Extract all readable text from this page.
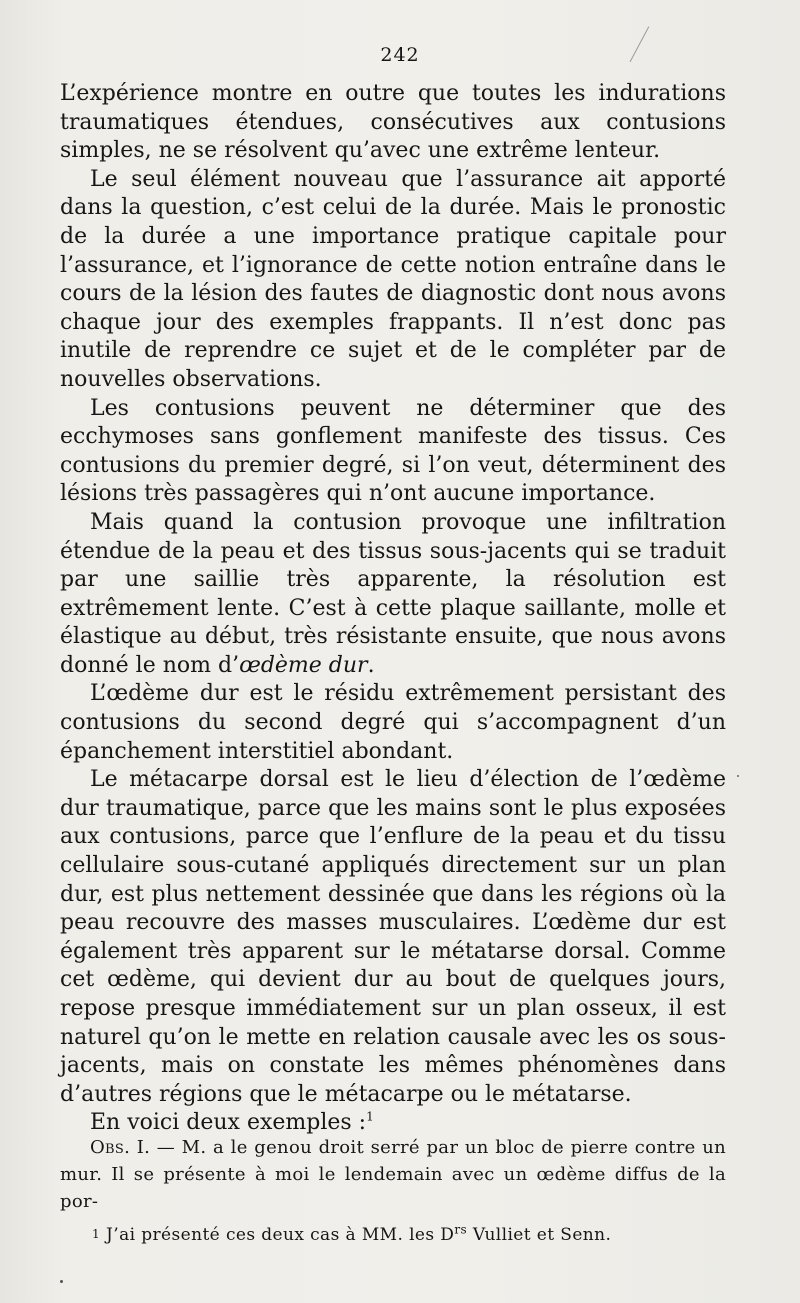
242

L’expérience montre en outre que toutes les indurations traumatiques étendues, consécutives aux contusions simples, ne se résolvent qu’avec une extrême lenteur.

Le seul élément nouveau que l’assurance ait apporté dans la question, c’est celui de la durée. Mais le pronostic de la durée a une importance pratique capitale pour l’assurance, et l’ignorance de cette notion entraîne dans le cours de la lésion des fautes de diagnostic dont nous avons chaque jour des exemples frappants. Il n’est donc pas inutile de reprendre ce sujet et de le compléter par de nouvelles observations.

Les contusions peuvent ne déterminer que des ecchymoses sans gonflement manifeste des tissus. Ces contusions du premier degré, si l’on veut, déterminent des lésions très passagères qui n’ont aucune importance.

Mais quand la contusion provoque une infiltration étendue de la peau et des tissus sous-jacents qui se traduit par une saillie très apparente, la résolution est extrêmement lente. C’est à cette plaque saillante, molle et élastique au début, très résistante ensuite, que nous avons donné le nom d’œdème dur.

L’œdème dur est le résidu extrêmement persistant des contusions du second degré qui s’accompagnent d’un épanchement interstitiel abondant.

Le métacarpe dorsal est le lieu d’élection de l’œdème dur traumatique, parce que les mains sont le plus exposées aux contusions, parce que l’enflure de la peau et du tissu cellulaire sous-cutané appliqués directement sur un plan dur, est plus nettement dessinée que dans les régions où la peau recouvre des masses musculaires. L’œdème dur est également très apparent sur le métatarse dorsal. Comme cet œdème, qui devient dur au bout de quelques jours, repose presque immédiatement sur un plan osseux, il est naturel qu’on le mette en relation causale avec les os sous-jacents, mais on constate les mêmes phénomènes dans d’autres régions que le métacarpe ou le métatarse.

En voici deux exemples :$^1$

Obs. I. — M. a le genou droit serré par un bloc de pierre contre un mur. Il se présente à moi le lendemain avec un œdème diffus de la por-

1 J’ai présenté ces deux cas à MM. les $D^{rs}$ Vulliet et Senn.
